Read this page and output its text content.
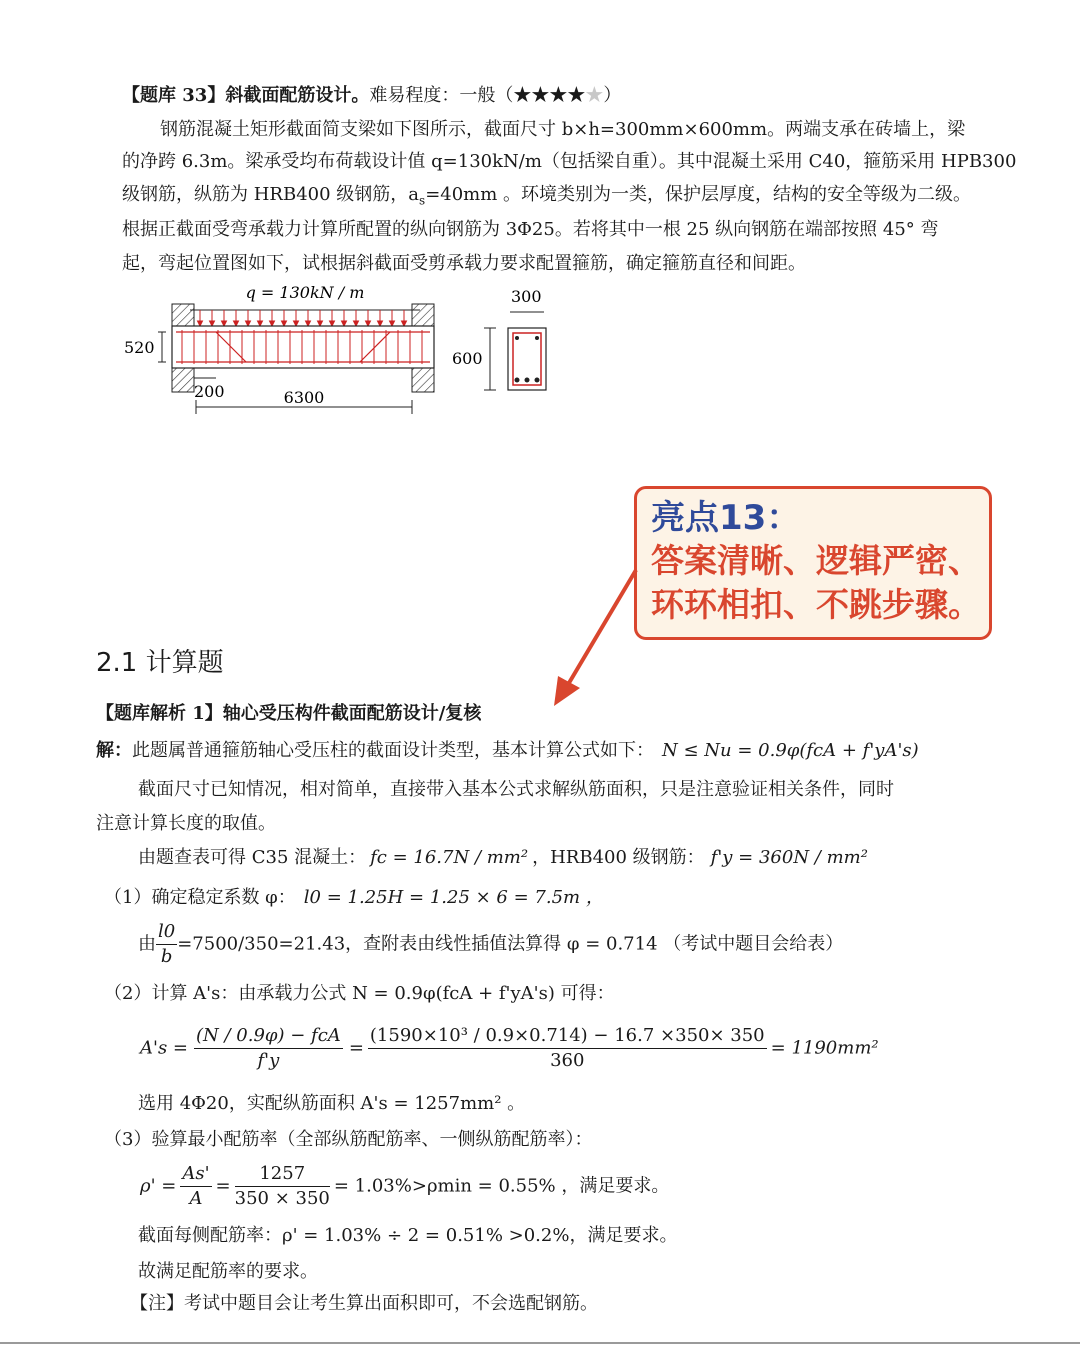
【题库 33】斜截面配筋设计。难易程度：一般（★★★★★）
钢筋混凝土矩形截面简支梁如下图所示，截面尺寸 b×h=300mm×600mm。两端支承在砖墙上，梁
的净跨 6.3m。梁承受均布荷载设计值 q=130kN/m（包括梁自重）。其中混凝土采用 C40，箍筋采用 HPB300
级钢筋，纵筋为 HRB400 级钢筋，$a_s=40mm$ 。环境类别为一类，保护层厚度，结构的安全等级为二级。
根据正截面受弯承载力计算所配置的纵向钢筋为 3Φ25。若将其中一根 25 纵向钢筋在端部按照 45° 弯
起，弯起位置图如下，试根据斜截面受剪承载力要求配置箍筋，确定箍筋直径和间距。
q = 130kN / m
520
200	6300
600
300
亮点13：
答案清晰、逻辑严密、
环环相扣、不跳步骤。
2.1 计算题
【题库解析 1】轴心受压构件截面配筋设计/复核
解：此题属普通箍筋轴心受压柱的截面设计类型，基本计算公式如下： N ≤ Nu = 0.9φ(fcA + f'yA's)
截面尺寸已知情况，相对简单，直接带入基本公式求解纵筋面积，只是注意验证相关条件，同时
注意计算长度的取值。
由题查表可得 C35 混凝土： fc = 16.7N / mm² ，HRB400 级钢筋： f'y = 360N / mm²
（1）确定稳定系数 φ： l0 = 1.25H = 1.25 × 6 = 7.5m ，
由 $\frac{l0}{b} =7500/350=21.43$，查附表由线性插值法算得 φ = 0.714 （考试中题目会给表）
（2）计算 A's：由承载力公式 N = 0.9φ(fcA + f'yA's) 可得：
$A's = \frac{\text{(N / 0.9φ) − fcA}}{f'y} = \frac{\text{(1590×10³ / 0.9×0.714) − 16.7 ×350× 350}}{360} = 1190mm^2$
选用 4Φ20，实配纵筋面积 A's = 1257mm² 。
（3）验算最小配筋率（全部纵筋配筋率、一侧纵筋配筋率）：
$\rho' = \frac{As'}{A} = \frac{1257}{350 \times 350} = 1.03\%>\rho\min = 0.55\%$ ，满足要求。
截面每侧配筋率：ρ' = 1.03% ÷ 2 = 0.51% >0.2%，满足要求。
故满足配筋率的要求。
【注】考试中题目会让考生算出面积即可，不会选配钢筋。
